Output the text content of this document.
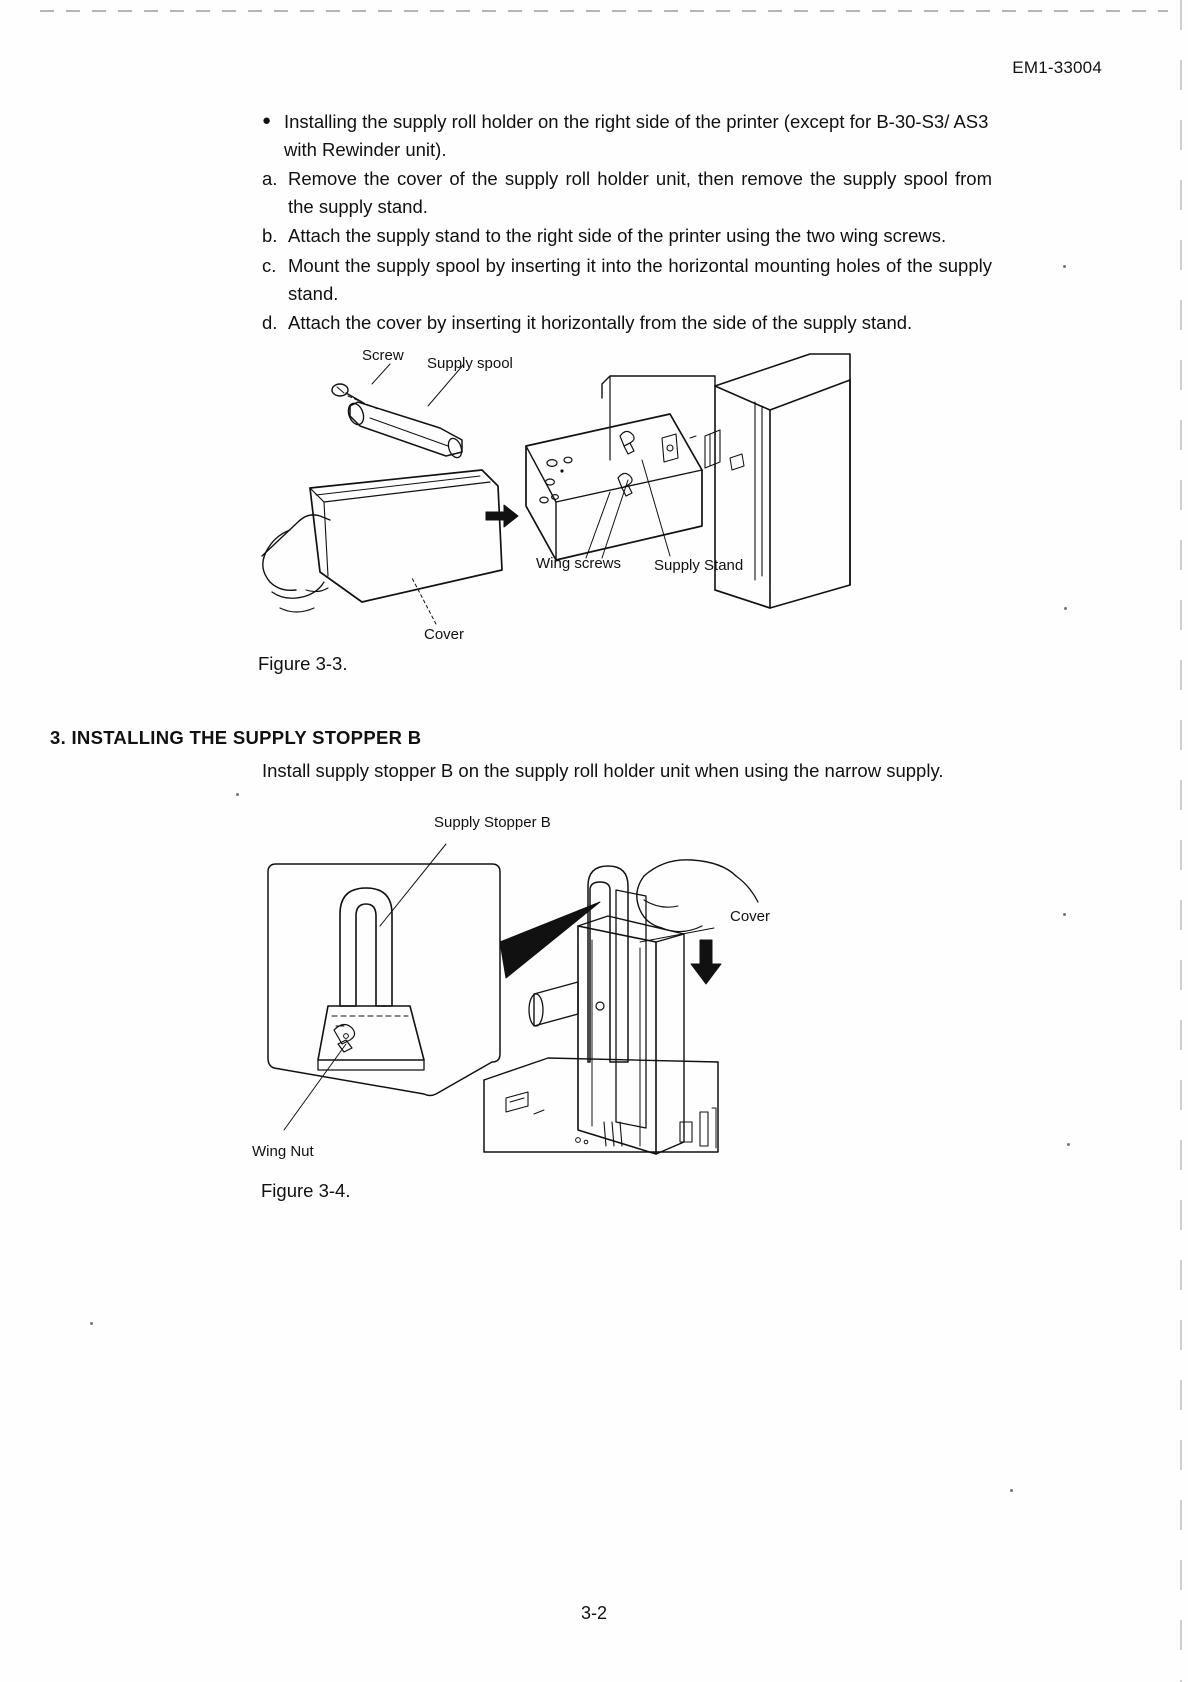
EM1-33004
● Installing the supply roll holder on the right side of the printer (except for B-30-S3/ AS3 with Rewinder unit).
a. Remove the cover of the supply roll holder unit, then remove the supply spool from the supply stand.
b. Attach the supply stand to the right side of the printer using the two wing screws.
c. Mount the supply spool by inserting it into the horizontal mounting holes of the supply stand.
d. Attach the cover by inserting it horizontally from the side of the supply stand.
Screw Supply spool
Wing screws Supply Stand
Cover
Figure 3-3.
3. INSTALLING THE SUPPLY STOPPER B
Install supply stopper B on the supply roll holder unit when using the narrow supply.
Supply Stopper B
Cover
Wing Nut
Figure 3-4.
3-2
